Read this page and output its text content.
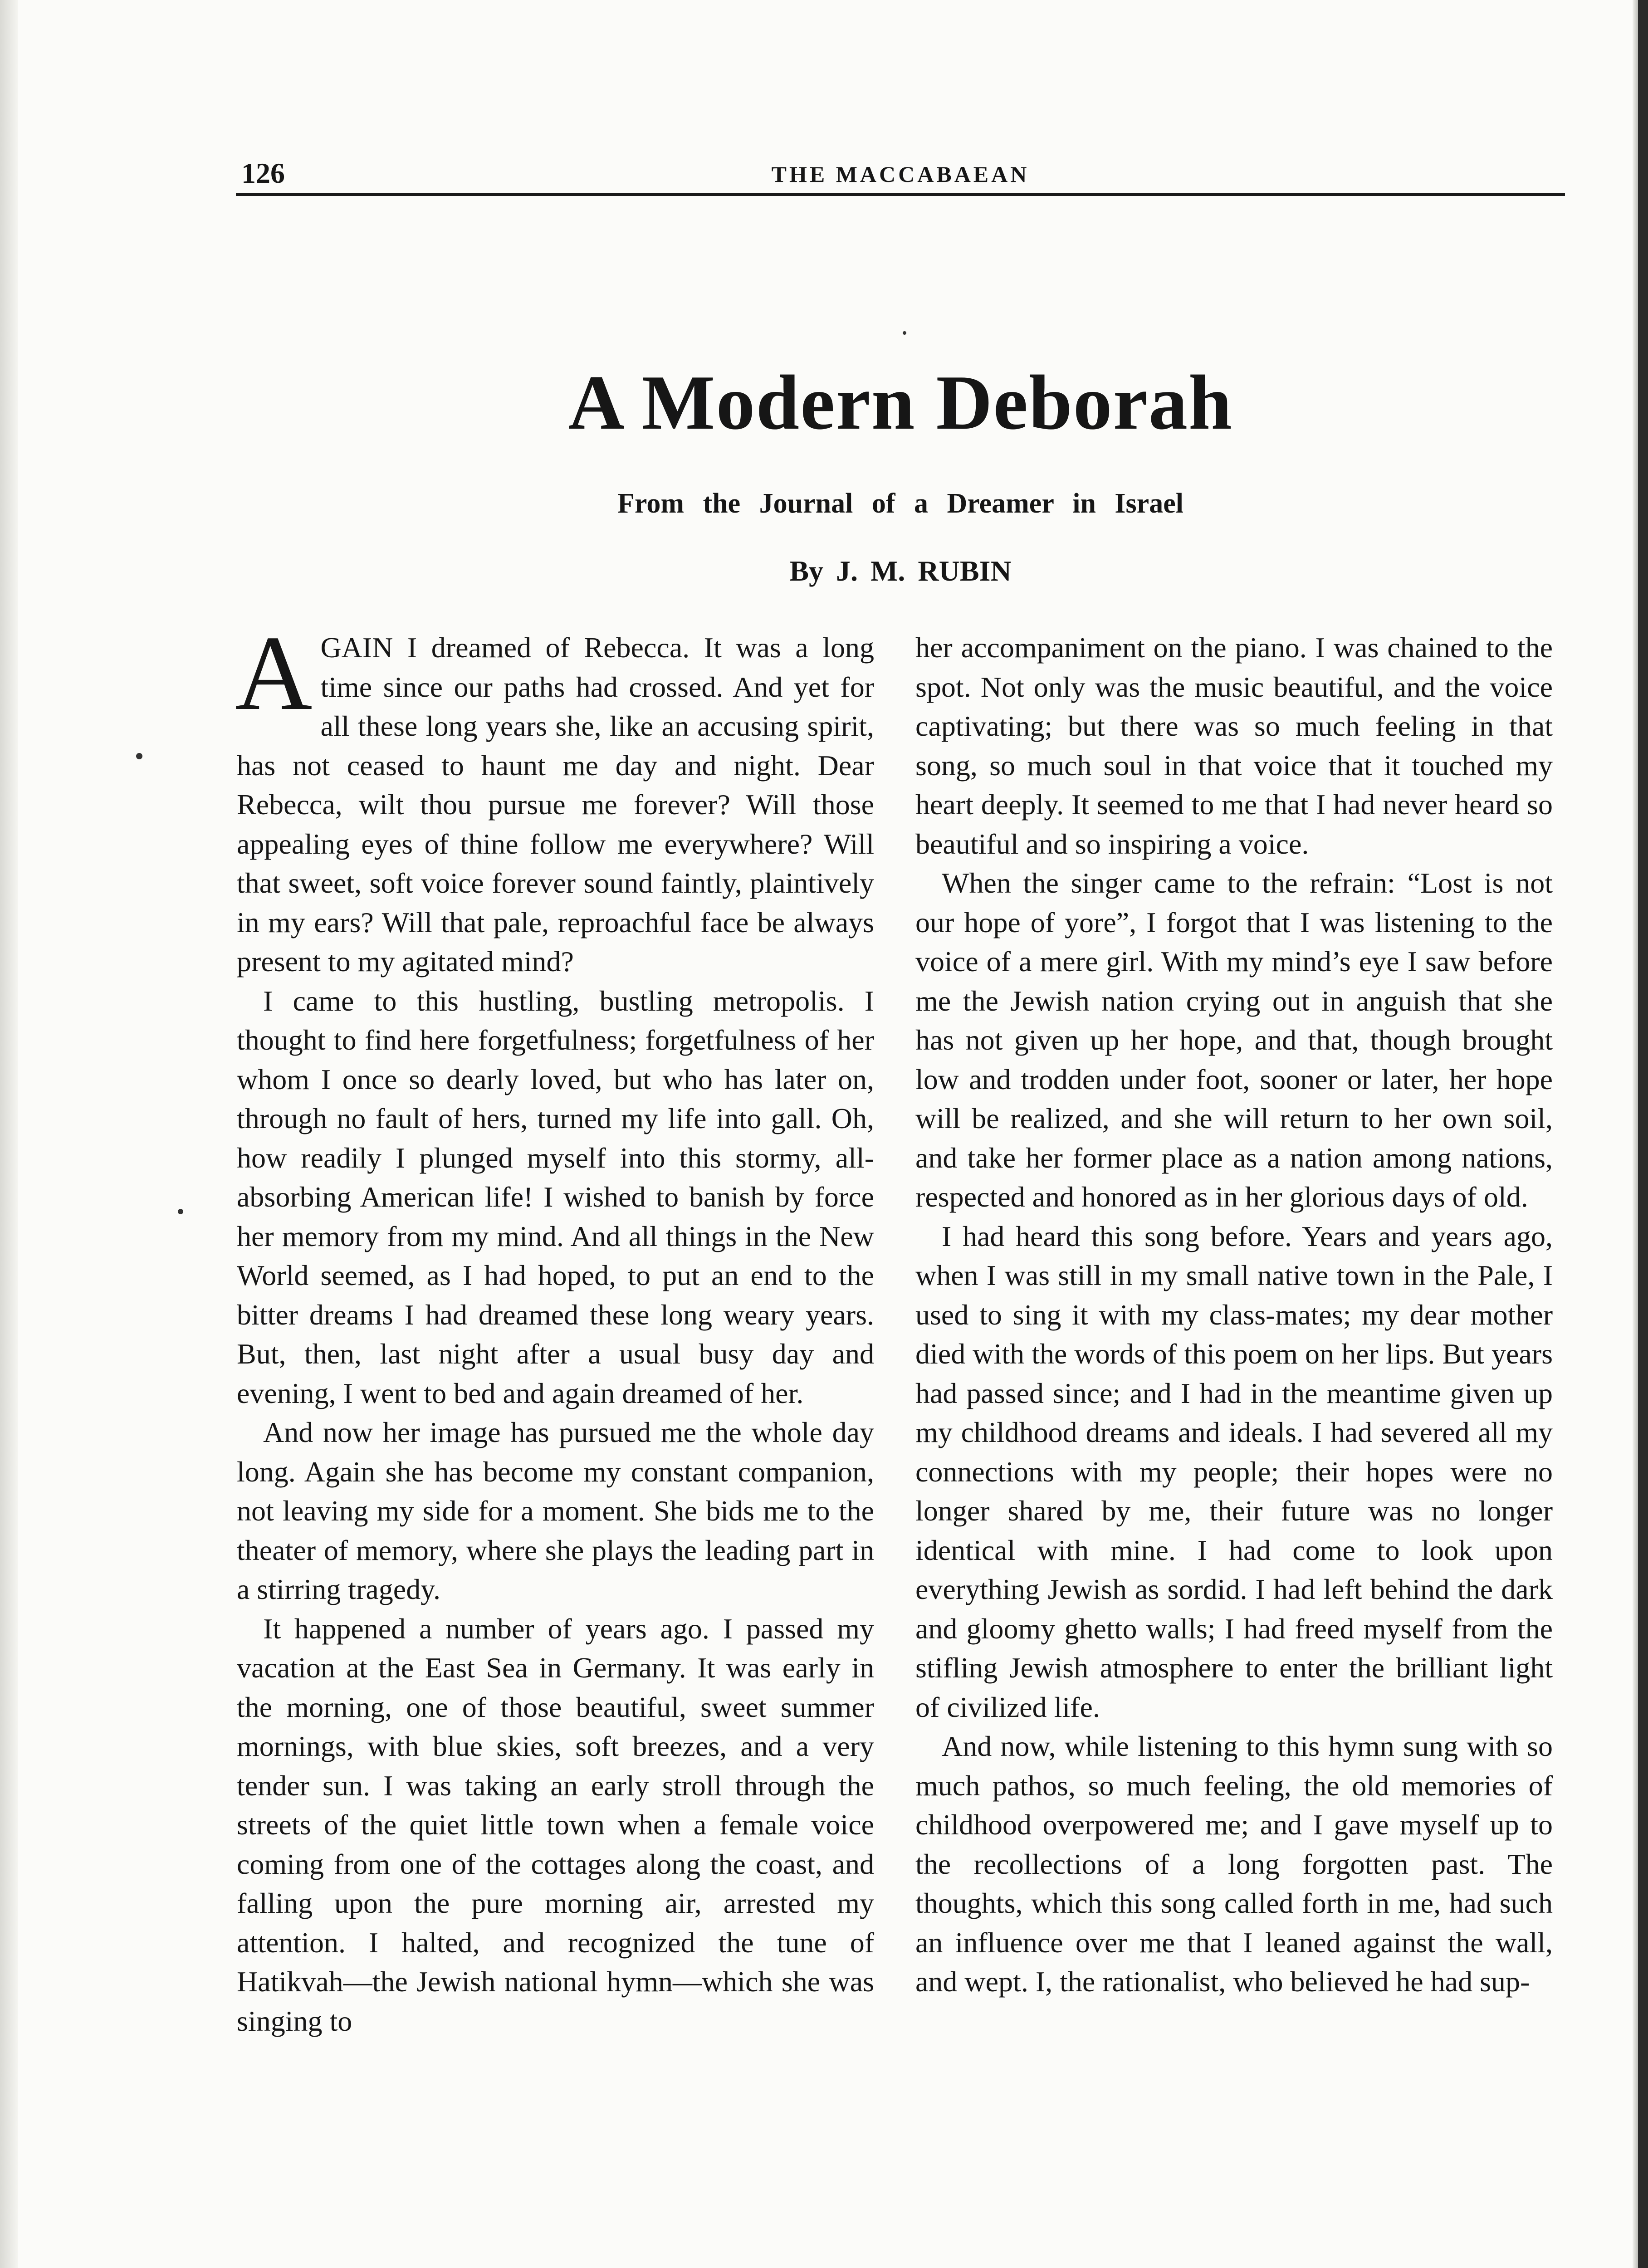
126	THE MACCABAEAN
A Modern Deborah
From the Journal of a Dreamer in Israel
By J. M. RUBIN

AGAIN I dreamed of Rebecca. It was a long time since our paths had crossed. And yet for all these long years she, like an accusing spirit, has not ceased to haunt me day and night. Dear Rebecca, wilt thou pursue me forever? Will those appealing eyes of thine follow me everywhere? Will that sweet, soft voice forever sound faintly, plaintively in my ears? Will that pale, reproachful face be always present to my agitated mind?

I came to this hustling, bustling metropolis. I thought to find here forgetfulness; forgetfulness of her whom I once so dearly loved, but who has later on, through no fault of hers, turned my life into gall. Oh, how readily I plunged myself into this stormy, all-absorbing American life! I wished to banish by force her memory from my mind. And all things in the New World seemed, as I had hoped, to put an end to the bitter dreams I had dreamed these long weary years. But, then, last night after a usual busy day and evening, I went to bed and again dreamed of her.

And now her image has pursued me the whole day long. Again she has become my constant companion, not leaving my side for a moment. She bids me to the theater of memory, where she plays the leading part in a stirring tragedy.

It happened a number of years ago. I passed my vacation at the East Sea in Germany. It was early in the morning, one of those beautiful, sweet summer mornings, with blue skies, soft breezes, and a very tender sun. I was taking an early stroll through the streets of the quiet little town when a female voice coming from one of the cottages along the coast, and falling upon the pure morning air, arrested my attention. I halted, and recognized the tune of Hatikvah—the Jewish national hymn—which she was singing to

her accompaniment on the piano. I was chained to the spot. Not only was the music beautiful, and the voice captivating; but there was so much feeling in that song, so much soul in that voice that it touched my heart deeply. It seemed to me that I had never heard so beautiful and so inspiring a voice.

When the singer came to the refrain: “Lost is not our hope of yore”, I forgot that I was listening to the voice of a mere girl. With my mind’s eye I saw before me the Jewish nation crying out in anguish that she has not given up her hope, and that, though brought low and trodden under foot, sooner or later, her hope will be realized, and she will return to her own soil, and take her former place as a nation among nations, respected and honored as in her glorious days of old.

I had heard this song before. Years and years ago, when I was still in my small native town in the Pale, I used to sing it with my class-mates; my dear mother died with the words of this poem on her lips. But years had passed since; and I had in the meantime given up my childhood dreams and ideals. I had severed all my connections with my people; their hopes were no longer shared by me, their future was no longer identical with mine. I had come to look upon everything Jewish as sordid. I had left behind the dark and gloomy ghetto walls; I had freed myself from the stifling Jewish atmosphere to enter the brilliant light of civilized life.

And now, while listening to this hymn sung with so much pathos, so much feeling, the old memories of childhood overpowered me; and I gave myself up to the recollections of a long forgotten past. The thoughts, which this song called forth in me, had such an influence over me that I leaned against the wall, and wept. I, the rationalist, who believed he had sup-
